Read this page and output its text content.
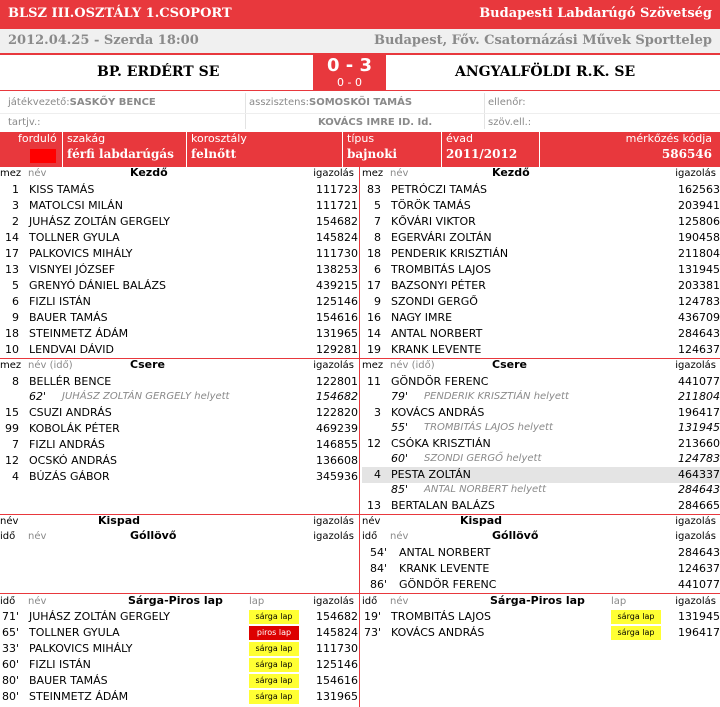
BLSZ III.OSZTÁLY 1.CSOPORT	Budapesti Labdarúgó Szövetség
2012.04.25 - Szerda 18:00	Budapest, Főv. Csatornázási Művek Sporttelep
BP. ERDÉRT SE	0 - 3
0 - 0
ANGYALFÖLDI R.K. SE
játékvezető:SASKŐY BENCE	asszisztens:SOMOSKÖI TAMÁS	ellenőr:
tartjv.:	KOVÁCS IMRE ID. Id.	szöv.ell.:
forduló szakág
férfi labdarúgás
korosztály
felnőtt
típus
bajnoki
évad
2011/2012
mérkőzés kódja
586546
mez név	Kezdő	igazolás
1 KISS TAMÁS	111723
3 MATOLCSI MILÁN	111721
2 JUHÁSZ ZOLTÁN GERGELY	154682
14 TOLLNER GYULA	145824
17 PALKOVICS MIHÁLY	111730
13 VISNYEI JÓZSEF	138253
5 GRENYÓ DÁNIEL BALÁZS	439215
6 FIZLI ISTÁN	125146
9 BAUER TAMÁS	154616
18 STEINMETZ ÁDÁM	131965
10 LENDVAI DÁVID	129281
mez név	Kezdő	igazolás
83 PETRÓCZI TAMÁS	162563
5 TÖRÖK TAMÁS	203941
7 KŐVÁRI VIKTOR	125806
8 EGERVÁRI ZOLTÁN	190458
18 PENDERIK KRISZTIÁN	211804
6 TROMBITÁS LAJOS	131945
17 BAZSONYI PÉTER	203381
9 SZONDI GERGŐ	124783
16 NAGY IMRE	436709
14 ANTAL NORBERT	284643
19 KRANK LEVENTE	124637
mez név (idő)	Csere	igazolás
8 BELLÉR BENCE	122801
62' JUHÁSZ ZOLTÁN GERGELY helyett	154682
15 CSUZI ANDRÁS	122820
99 KOBOLÁK PÉTER	469239
7 FIZLI ANDRÁS	146855
12 OCSKÓ ANDRÁS	136608
4 BÚZÁS GÁBOR	345936
mez név (idő)	Csere	igazolás
11 GÖNDÖR FERENC	441077
79' PENDERIK KRISZTIÁN helyett	211804
3 KOVÁCS ANDRÁS	196417
55' TROMBITÁS LAJOS helyett	131945
12 CSÓKA KRISZTIÁN	213660
60' SZONDI GERGŐ helyett	124783
4 PESTA ZOLTÁN	464337
85' ANTAL NORBERT helyett	284643
13 BERTALAN BALÁZS	284665
név	Kispad	igazolás név	Kispad	igazolás
idő név	Góllövő	igazolás idő név	Góllövő	igazolás
54' ANTAL NORBERT	284643
84' KRANK LEVENTE	124637
86' GÖNDÖR FERENC	441077
idő név	Sárga-Piros lap	lap	igazolás
71' JUHÁSZ ZOLTÁN GERGELY	sárga lap	154682
65' TOLLNER GYULA	piros lap	145824
33' PALKOVICS MIHÁLY	sárga lap	111730
60' FIZLI ISTÁN	sárga lap	125146
80' BAUER TAMÁS	sárga lap	154616
80' STEINMETZ ÁDÁM	sárga lap	131965
idő név	Sárga-Piros lap	lap	igazolás
19' TROMBITÁS LAJOS	sárga lap	131945
73' KOVÁCS ANDRÁS	sárga lap	196417
